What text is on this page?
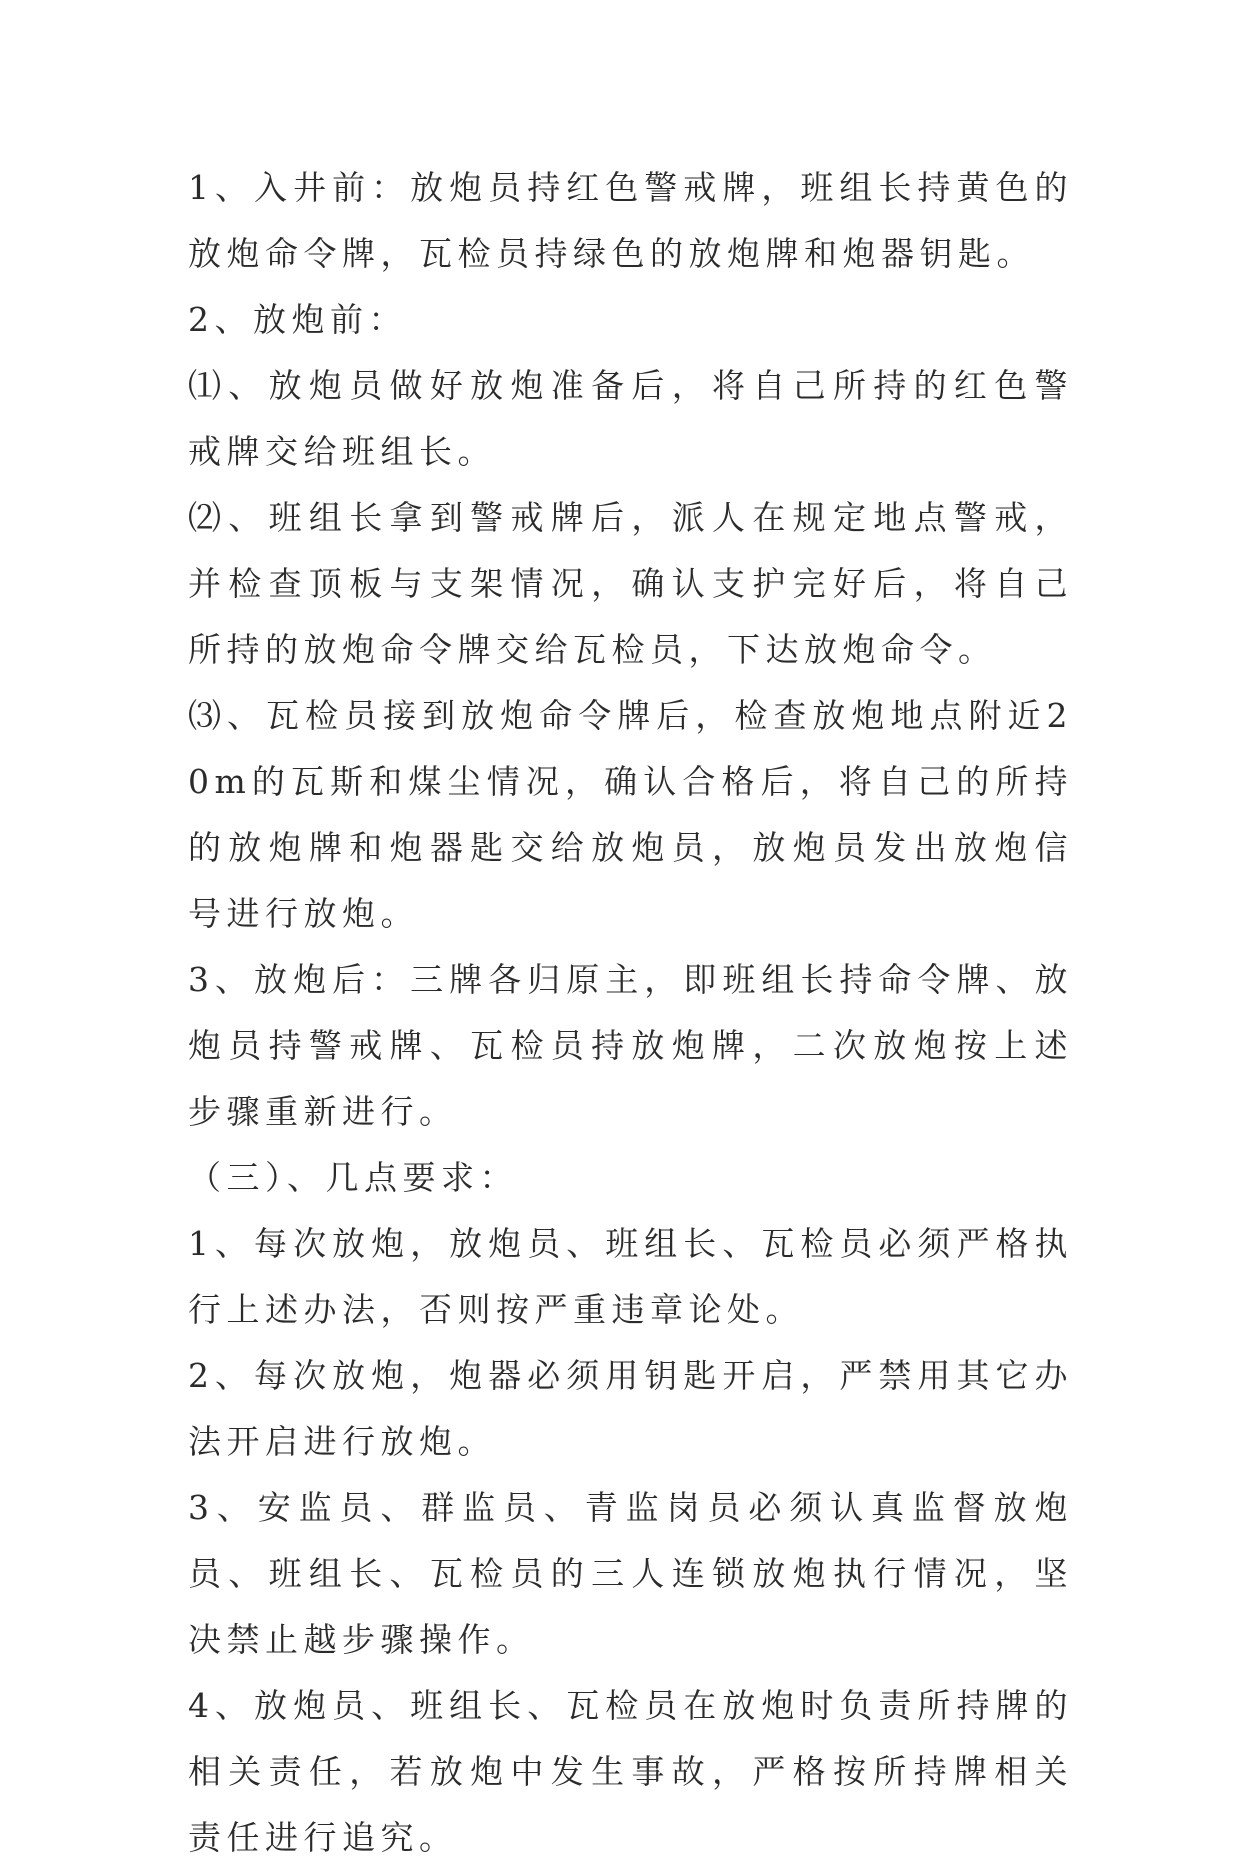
1、入井前：放炮员持红色警戒牌，班组长持黄色的放炮命令牌，瓦检员持绿色的放炮牌和炮器钥匙。

2、放炮前：

⑴、放炮员做好放炮准备后，将自己所持的红色警戒牌交给班组长。

⑵、班组长拿到警戒牌后，派人在规定地点警戒，并检查顶板与支架情况，确认支护完好后，将自己所持的放炮命令牌交给瓦检员，下达放炮命令。

⑶、瓦检员接到放炮命令牌后，检查放炮地点附近20m的瓦斯和煤尘情况，确认合格后，将自己的所持的放炮牌和炮器匙交给放炮员，放炮员发出放炮信号进行放炮。

3、放炮后：三牌各归原主，即班组长持命令牌、放炮员持警戒牌、瓦检员持放炮牌，二次放炮按上述步骤重新进行。

（三）、几点要求：

1、每次放炮，放炮员、班组长、瓦检员必须严格执行上述办法，否则按严重违章论处。

2、每次放炮，炮器必须用钥匙开启，严禁用其它办法开启进行放炮。

3、安监员、群监员、青监岗员必须认真监督放炮员、班组长、瓦检员的三人连锁放炮执行情况，坚决禁止越步骤操作。

4、放炮员、班组长、瓦检员在放炮时负责所持牌的相关责任，若放炮中发生事故，严格按所持牌相关责任进行追究。
